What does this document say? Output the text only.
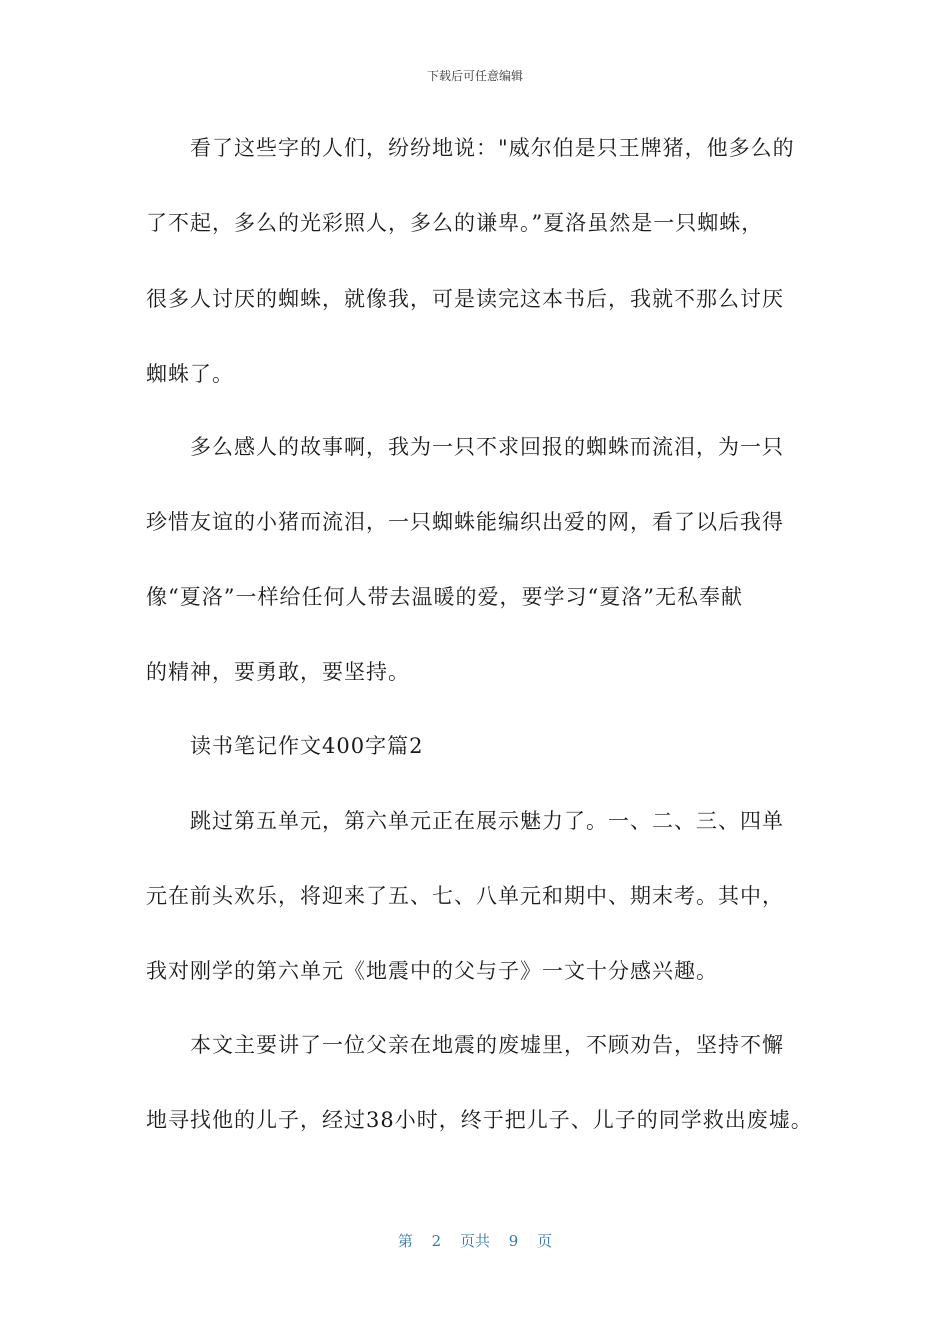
下载后可任意编辑
看了这些字的人们，纷纷地说："威尔伯是只王牌猪，他多么的
了不起，多么的光彩照人，多么的谦卑。”夏洛虽然是一只蜘蛛，
很多人讨厌的蜘蛛，就像我，可是读完这本书后，我就不那么讨厌
蜘蛛了。
多么感人的故事啊，我为一只不求回报的蜘蛛而流泪，为一只
珍惜友谊的小猪而流泪，一只蜘蛛能编织出爱的网，看了以后我得
像“夏洛”一样给任何人带去温暖的爱，要学习“夏洛”无私奉献
的精神，要勇敢，要坚持。
读书笔记作文400字篇2
跳过第五单元，第六单元正在展示魅力了。一、二、三、四单
元在前头欢乐，将迎来了五、七、八单元和期中、期末考。其中，
我对刚学的第六单元《地震中的父与子》一文十分感兴趣。
本文主要讲了一位父亲在地震的废墟里，不顾劝告，坚持不懈
地寻找他的儿子，经过38小时，终于把儿子、儿子的同学救出废墟。
第 2 页共 9 页
